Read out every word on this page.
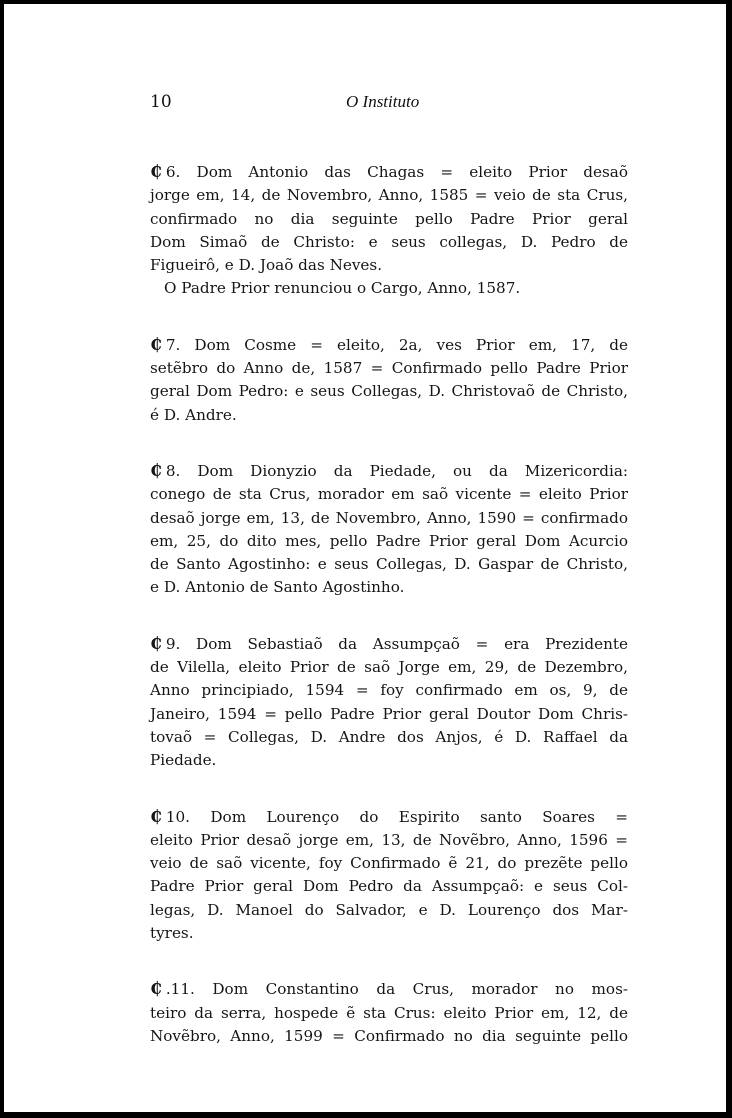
10	O Instituto

₵ 6. Dom Antonio das Chagas = eleito Prior desaõ
jorge em, 14, de Novembro, Anno, 1585 = veio de sta Crus,
confirmado no dia seguinte pello Padre Prior geral
Dom Simaõ de Christo: e seus collegas, D. Pedro de
Figueirô, e D. Joaõ das Neves.
O Padre Prior renunciou o Cargo, Anno, 1587.

₵ 7. Dom Cosme = eleito, 2a, ves Prior em, 17, de
setẽbro do Anno de, 1587 = Confirmado pello Padre Prior
geral Dom Pedro: e seus Collegas, D. Christovaõ de Christo,
é D. Andre.

₵ 8. Dom Dionyzio da Piedade, ou da Mizericordia:
conego de sta Crus, morador em saõ vicente = eleito Prior
desaõ jorge em, 13, de Novembro, Anno, 1590 = confirmado
em, 25, do dito mes, pello Padre Prior geral Dom Acurcio
de Santo Agostinho: e seus Collegas, D. Gaspar de Christo,
e D. Antonio de Santo Agostinho.

₵ 9. Dom Sebastiaõ da Assumpçaõ = era Prezidente
de Vilella, eleito Prior de saõ Jorge em, 29, de Dezembro,
Anno principiado, 1594 = foy confirmado em os, 9, de
Janeiro, 1594 = pello Padre Prior geral Doutor Dom Chris-
tovaõ = Collegas, D. Andre dos Anjos, é D. Raffael da
Piedade.

₵ 10. Dom Lourenço do Espirito santo Soares =
eleito Prior desaõ jorge em, 13, de Novẽbro, Anno, 1596 =
veio de saõ vicente, foy Confirmado ẽ 21, do prezẽte pello
Padre Prior geral Dom Pedro da Assumpçaõ: e seus Col-
legas, D. Manoel do Salvador, e D. Lourenço dos Mar-
tyres.

₵ .11. Dom Constantino da Crus, morador no mos-
teiro da serra, hospede ẽ sta Crus: eleito Prior em, 12, de
Novẽbro, Anno, 1599 = Confirmado no dia seguinte pello
